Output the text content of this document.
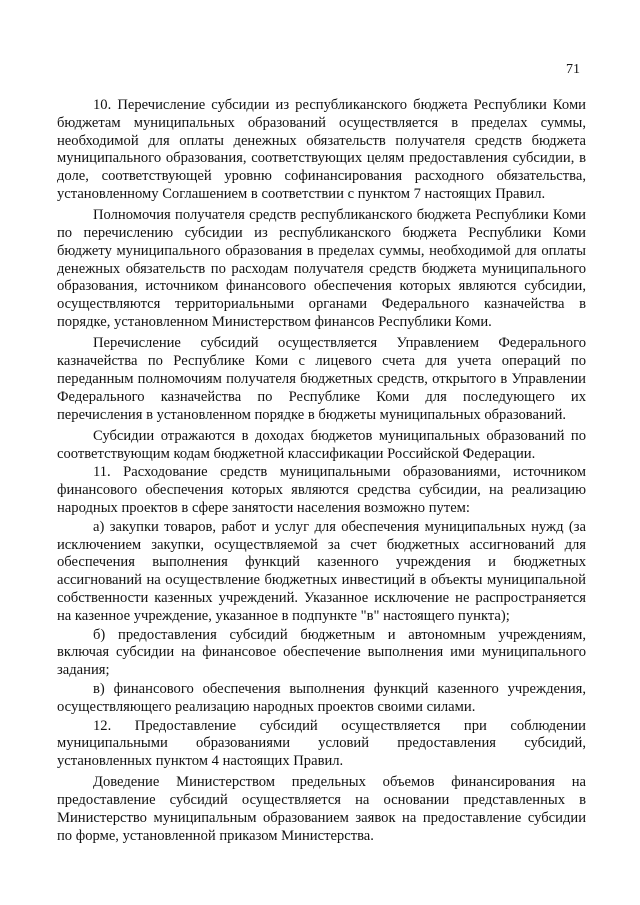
71

10. Перечисление субсидии из республиканского бюджета Республики Коми бюджетам муниципальных образований осуществляется в пределах суммы, необходимой для оплаты денежных обязательств получателя средств бюджета муниципального образования, соответствующих целям предоставления субсидии, в доле, соответствующей уровню софинансирования расходного обязательства, установленному Соглашением в соответствии с пунктом 7 настоящих Правил.

Полномочия получателя средств республиканского бюджета Республики Коми по перечислению субсидии из республиканского бюджета Республики Коми бюджету муниципального образования в пределах суммы, необходимой для оплаты денежных обязательств по расходам получателя средств бюджета муниципального образования, источником финансового обеспечения которых являются субсидии, осуществляются территориальными органами Федерального казначейства в порядке, установленном Министерством финансов Республики Коми.

Перечисление субсидий осуществляется Управлением Федерального казначейства по Республике Коми с лицевого счета для учета операций по переданным полномочиям получателя бюджетных средств, открытого в Управлении Федерального казначейства по Республике Коми для последующего их перечисления в установленном порядке в бюджеты муниципальных образований.

Субсидии отражаются в доходах бюджетов муниципальных образований по соответствующим кодам бюджетной классификации Российской Федерации.

11. Расходование средств муниципальными образованиями, источником финансового обеспечения которых являются средства субсидии, на реализацию народных проектов в сфере занятости населения возможно путем:

а) закупки товаров, работ и услуг для обеспечения муниципальных нужд (за исключением закупки, осуществляемой за счет бюджетных ассигнований для обеспечения выполнения функций казенного учреждения и бюджетных ассигнований на осуществление бюджетных инвестиций в объекты муниципальной собственности казенных учреждений. Указанное исключение не распространяется на казенное учреждение, указанное в подпункте "в" настоящего пункта);

б) предоставления субсидий бюджетным и автономным учреждениям, включая субсидии на финансовое обеспечение выполнения ими муниципального задания;

в) финансового обеспечения выполнения функций казенного учреждения, осуществляющего реализацию народных проектов своими силами.

12. Предоставление субсидий осуществляется при соблюдении муниципальными образованиями условий предоставления субсидий, установленных пунктом 4 настоящих Правил.

Доведение Министерством предельных объемов финансирования на предоставление субсидий осуществляется на основании представленных в Министерство муниципальным образованием заявок на предоставление субсидии по форме, установленной приказом Министерства.
